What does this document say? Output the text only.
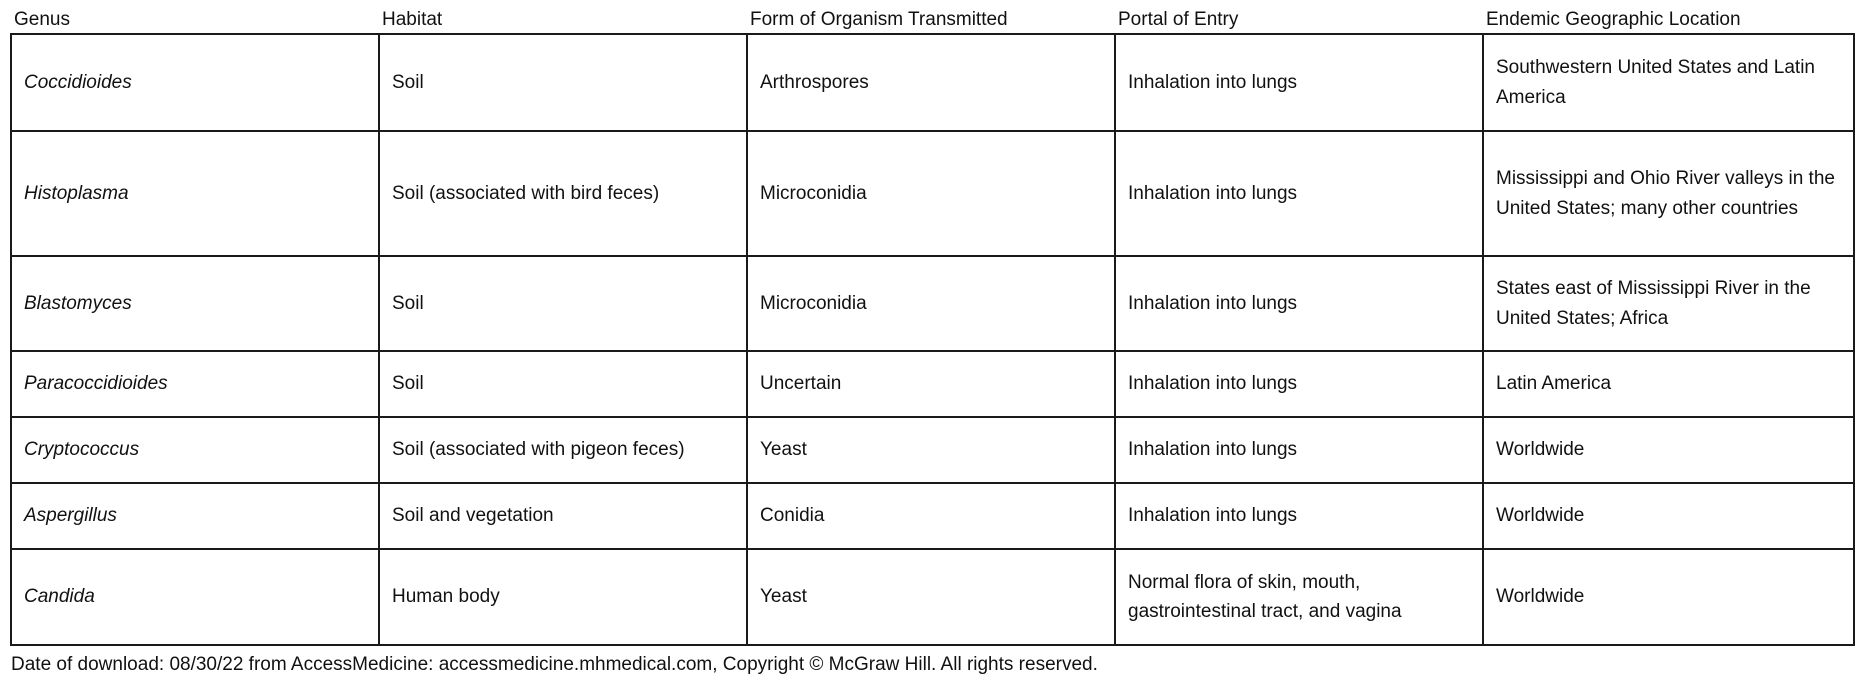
Genus	Habitat	Form of Organism Transmitted	Portal of Entry	Endemic Geographic Location
Coccidioides	Soil	Arthrospores	Inhalation into lungs	Southwestern United States and Latin America
Histoplasma	Soil (associated with bird feces)	Microconidia	Inhalation into lungs	Mississippi and Ohio River valleys in the United States; many other countries
Blastomyces	Soil	Microconidia	Inhalation into lungs	States east of Mississippi River in the United States; Africa
Paracoccidioides	Soil	Uncertain	Inhalation into lungs	Latin America
Cryptococcus	Soil (associated with pigeon feces)	Yeast	Inhalation into lungs	Worldwide
Aspergillus	Soil and vegetation	Conidia	Inhalation into lungs	Worldwide
Candida	Human body	Yeast	Normal flora of skin, mouth, gastrointestinal tract, and vagina	Worldwide
Date of download: 08/30/22 from AccessMedicine: accessmedicine.mhmedical.com, Copyright © McGraw Hill. All rights reserved.
